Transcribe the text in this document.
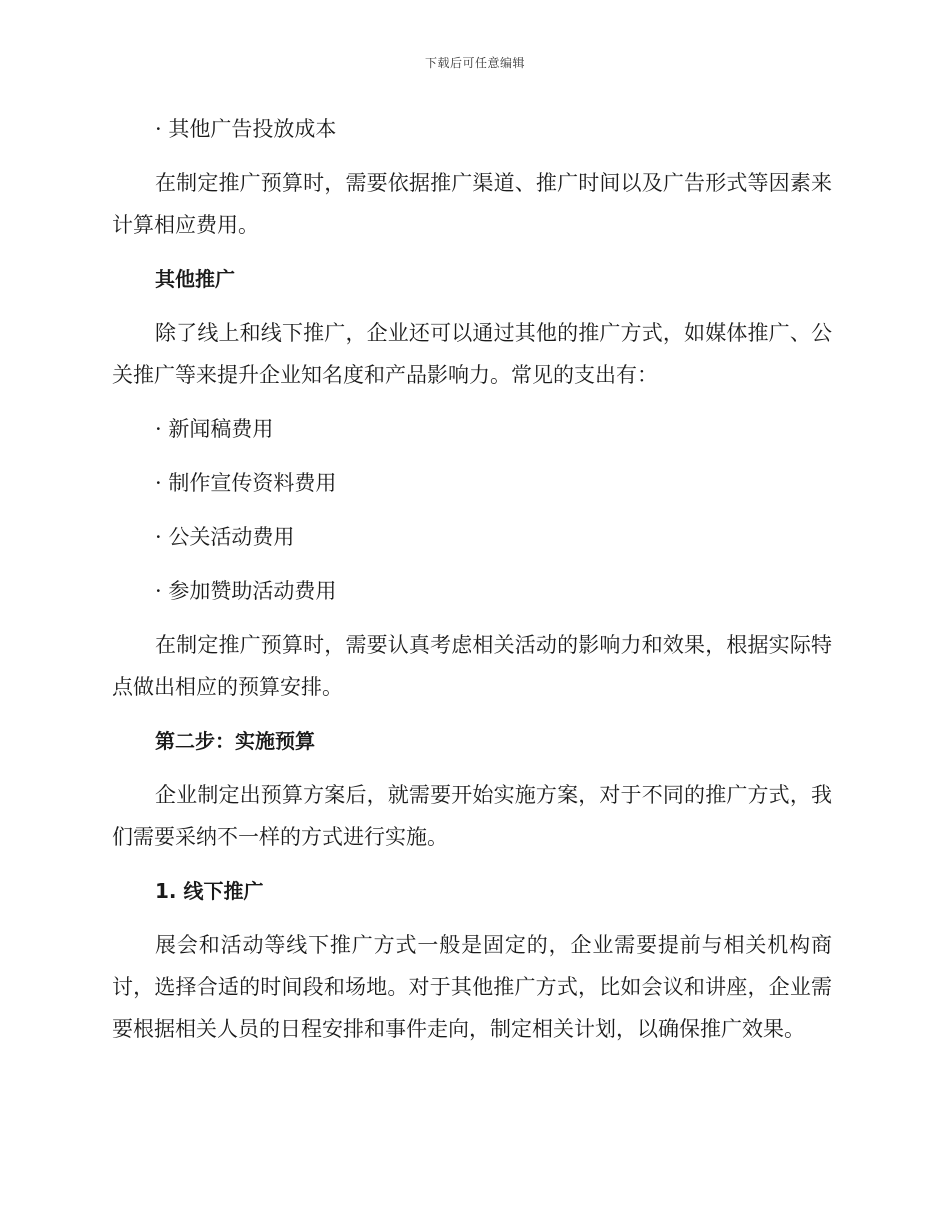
下载后可任意编辑
· 其他广告投放成本
在制定推广预算时，需要依据推广渠道、推广时间以及广告形式等因素来计算相应费用。
其他推广
除了线上和线下推广，企业还可以通过其他的推广方式，如媒体推广、公关推广等来提升企业知名度和产品影响力。常见的支出有：
· 新闻稿费用
· 制作宣传资料费用
· 公关活动费用
· 参加赞助活动费用
在制定推广预算时，需要认真考虑相关活动的影响力和效果，根据实际特点做出相应的预算安排。
第二步：实施预算
企业制定出预算方案后，就需要开始实施方案，对于不同的推广方式，我们需要采纳不一样的方式进行实施。
1. 线下推广
展会和活动等线下推广方式一般是固定的，企业需要提前与相关机构商讨，选择合适的时间段和场地。对于其他推广方式，比如会议和讲座，企业需要根据相关人员的日程安排和事件走向，制定相关计划，以确保推广效果。
